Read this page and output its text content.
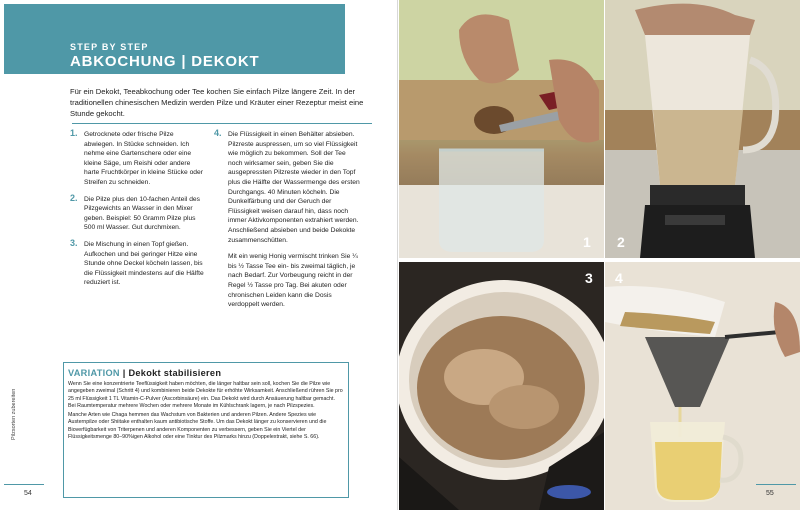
STEP BY STEP
ABKOCHUNG | DEKOKT

Für ein Dekokt, Teeabkochung oder Tee kochen Sie einfach Pilze längere Zeit. In der traditionellen chinesischen Medizin werden Pilze und Kräuter einer Rezeptur meist eine Stunde gekocht.

1. Getrocknete oder frische Pilze abwiegen. In Stücke schneiden. Ich nehme eine Gartenschere oder eine kleine Säge, um Reishi oder andere harte Fruchtkörper in kleine Stücke oder Streifen zu schneiden.
2. Die Pilze plus den 10-fachen Anteil des Pilzgewichts an Wasser in den Mixer geben. Beispiel: 50 Gramm Pilze plus 500 ml Wasser. Gut durchmixen.
3. Die Mischung in einen Topf gießen. Aufkochen und bei geringer Hitze eine Stunde ohne Deckel köcheln lassen, bis die Flüssigkeit mindestens auf die Hälfte reduziert ist.
4. Die Flüssigkeit in einen Behälter absieben. Pilzreste auspressen, um so viel Flüssigkeit wie möglich zu bekommen. Soll der Tee noch wirksamer sein, geben Sie die ausgepressten Pilzreste wieder in den Topf plus die Hälfte der Wassermenge des ersten Durchgangs. 40 Minuten köcheln. Die Dunkelfärbung und der Geruch der Flüssigkeit weisen darauf hin, dass noch immer Aktivkomponenten extrahiert werden. Anschließend absieben und beide Dekokte zusammenschütten.

Mit ein wenig Honig vermischt trinken Sie ¼ bis ½ Tasse Tee ein- bis zweimal täglich, je nach Bedarf. Zur Vorbeugung reicht in der Regel ½ Tasse pro Tag. Bei akuten oder chronischen Leiden kann die Dosis verdoppelt werden.

VARIATION | Dekokt stabilisieren

Wenn Sie eine konzentrierte Teeflüssigkeit haben möchten, die länger haltbar sein soll, kochen Sie die Pilze wie angegeben zweimal (Schritt 4) und kombinieren beide Dekokte für erhöhte Wirksamkeit. Anschließend rühren Sie pro 25 ml Flüssigkeit 1 TL Vitamin-C-Pulver (Ascorbinsäure) ein. Das Dekokt wird durch Ansäuerung haltbar gemacht. Bei Raumtemperatur mehrere Wochen oder mehrere Monate im Kühlschrank lagern, je nach Pilzspezies.

Manche Arten wie Chaga hemmen das Wachstum von Bakterien und anderen Pilzen. Andere Spezies wie Austernpilze oder Shiitake enthalten kaum antibiotische Stoffe. Um das Dekokt länger zu konservieren und die Bioverfügbarkeit von Triterpenen und anderen Komponenten zu verbessern, geben Sie ein Viertel der Flüssigkeitsmenge 80–90%igen Alkohol oder eine Tinktur des Pilzmarks hinzu (Doppelextrakt, siehe S. 66).

Pilzsorten zubereiten
54
1 2
3 4
55
